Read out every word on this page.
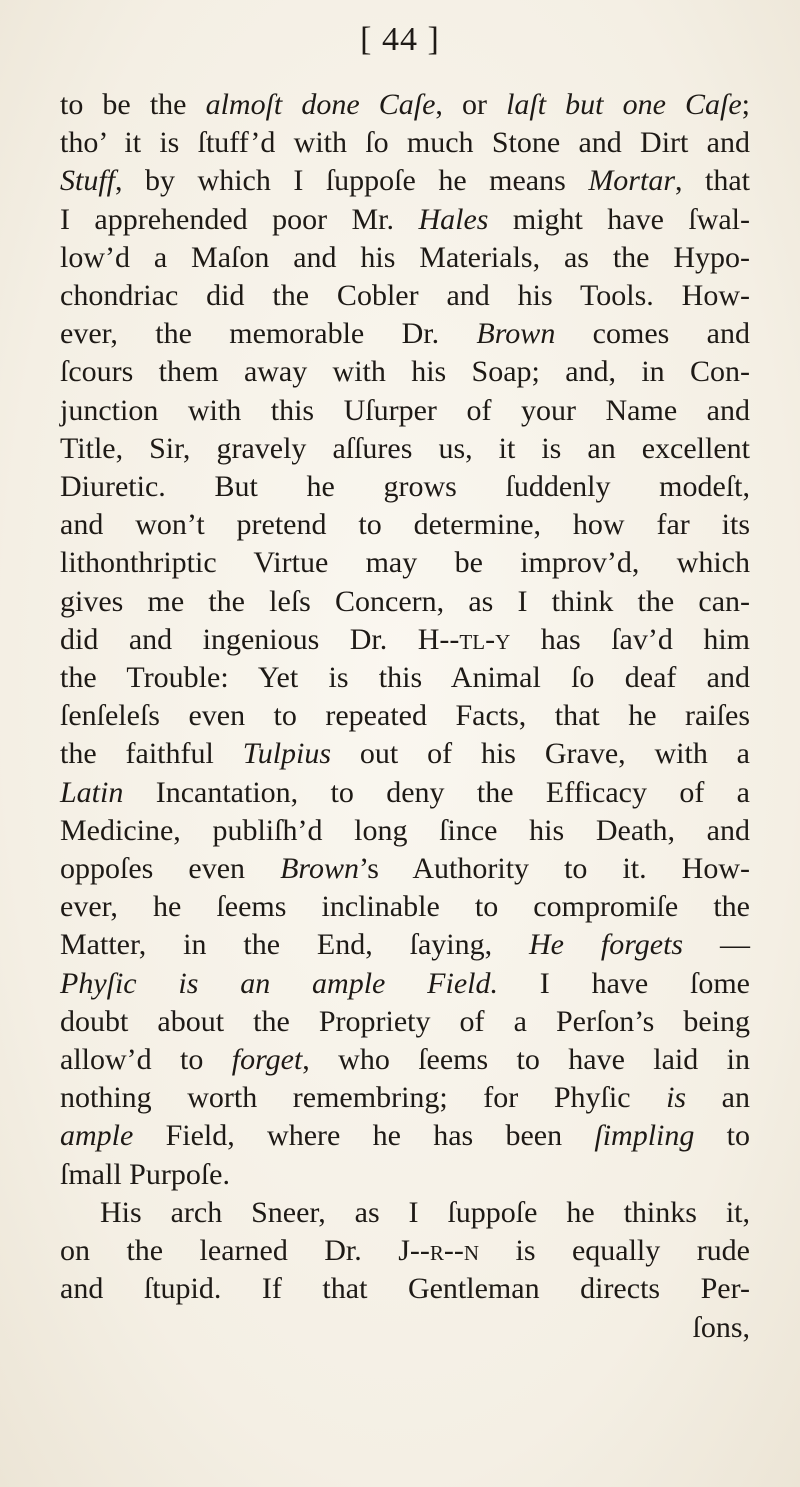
[ 44 ]
to be the almoſt done Caſe, or laſt but one Caſe;
tho’ it is ſtuff’d with ſo much Stone and Dirt and
Stuff, by which I ſuppoſe he means Mortar, that
I apprehended poor Mr. Hales might have ſwal-
low’d a Maſon and his Materials, as the Hypo-
chondriac did the Cobler and his Tools. How-
ever, the memorable Dr. Brown comes and
ſcours them away with his Soap; and, in Con-
junction with this Uſurper of your Name and
Title, Sir, gravely aſſures us, it is an excellent
Diuretic. But he grows ſuddenly modeſt,
and won’t pretend to determine, how far its
lithonthriptic Virtue may be improv’d, which
gives me the leſs Concern, as I think the can-
did and ingenious Dr. H--tl-y has ſav’d him
the Trouble: Yet is this Animal ſo deaf and
ſenſeleſs even to repeated Facts, that he raiſes
the faithful Tulpius out of his Grave, with a
Latin Incantation, to deny the Efficacy of a
Medicine, publiſh’d long ſince his Death, and
oppoſes even Brown’s Authority to it. How-
ever, he ſeems inclinable to compromiſe the
Matter, in the End, ſaying, He forgets —
Phyſic is an ample Field. I have ſome
doubt about the Propriety of a Perſon’s being
allow’d to forget, who ſeems to have laid in
nothing worth remembring; for Phyſic is an
ample Field, where he has been ſimpling to
ſmall Purpoſe.
His arch Sneer, as I ſuppoſe he thinks it,
on the learned Dr. J--r--n is equally rude
and ſtupid. If that Gentleman directs Per-
ſons,
